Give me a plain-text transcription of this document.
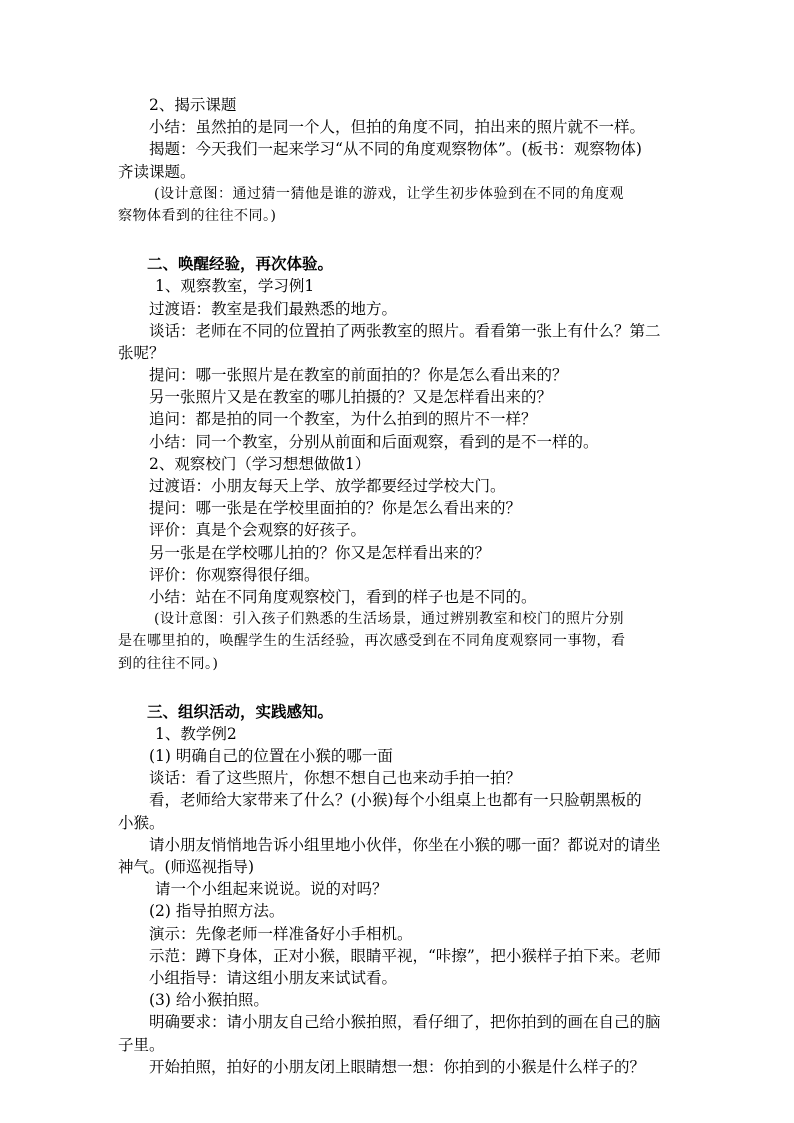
2、揭示课题
小结：虽然拍的是同一个人，但拍的角度不同，拍出来的照片就不一样。
揭题：今天我们一起来学习“从不同的角度观察物体”。(板书：观察物体)
齐读课题。
(设计意图：通过猜一猜他是谁的游戏，让学生初步体验到在不同的角度观
察物体看到的往往不同。)
二、唤醒经验，再次体验。
1、观察教室，学习例1
过渡语：教室是我们最熟悉的地方。
谈话：老师在不同的位置拍了两张教室的照片。看看第一张上有什么？第二
张呢？
提问：哪一张照片是在教室的前面拍的？你是怎么看出来的？
另一张照片又是在教室的哪儿拍摄的？又是怎样看出来的？
追问：都是拍的同一个教室，为什么拍到的照片不一样？
小结：同一个教室，分别从前面和后面观察，看到的是不一样的。
2、观察校门（学习想想做做1）
过渡语：小朋友每天上学、放学都要经过学校大门。
提问：哪一张是在学校里面拍的？你是怎么看出来的？
评价：真是个会观察的好孩子。
另一张是在学校哪儿拍的？你又是怎样看出来的？
评价：你观察得很仔细。
小结：站在不同角度观察校门，看到的样子也是不同的。
(设计意图：引入孩子们熟悉的生活场景，通过辨别教室和校门的照片分别
是在哪里拍的，唤醒学生的生活经验，再次感受到在不同角度观察同一事物，看
到的往往不同。)
三、组织活动，实践感知。
1、教学例2
(1) 明确自己的位置在小猴的哪一面
谈话：看了这些照片，你想不想自己也来动手拍一拍？
看，老师给大家带来了什么？(小猴)每个小组桌上也都有一只脸朝黑板的
小猴。
请小朋友悄悄地告诉小组里地小伙伴，你坐在小猴的哪一面？都说对的请坐
神气。(师巡视指导)
请一个小组起来说说。说的对吗？
(2) 指导拍照方法。
演示：先像老师一样准备好小手相机。
示范：蹲下身体，正对小猴，眼睛平视，“咔擦”，把小猴样子拍下来。老师
小组指导：请这组小朋友来试试看。
(3) 给小猴拍照。
明确要求：请小朋友自己给小猴拍照，看仔细了，把你拍到的画在自己的脑
子里。
开始拍照，拍好的小朋友闭上眼睛想一想：你拍到的小猴是什么样子的？
